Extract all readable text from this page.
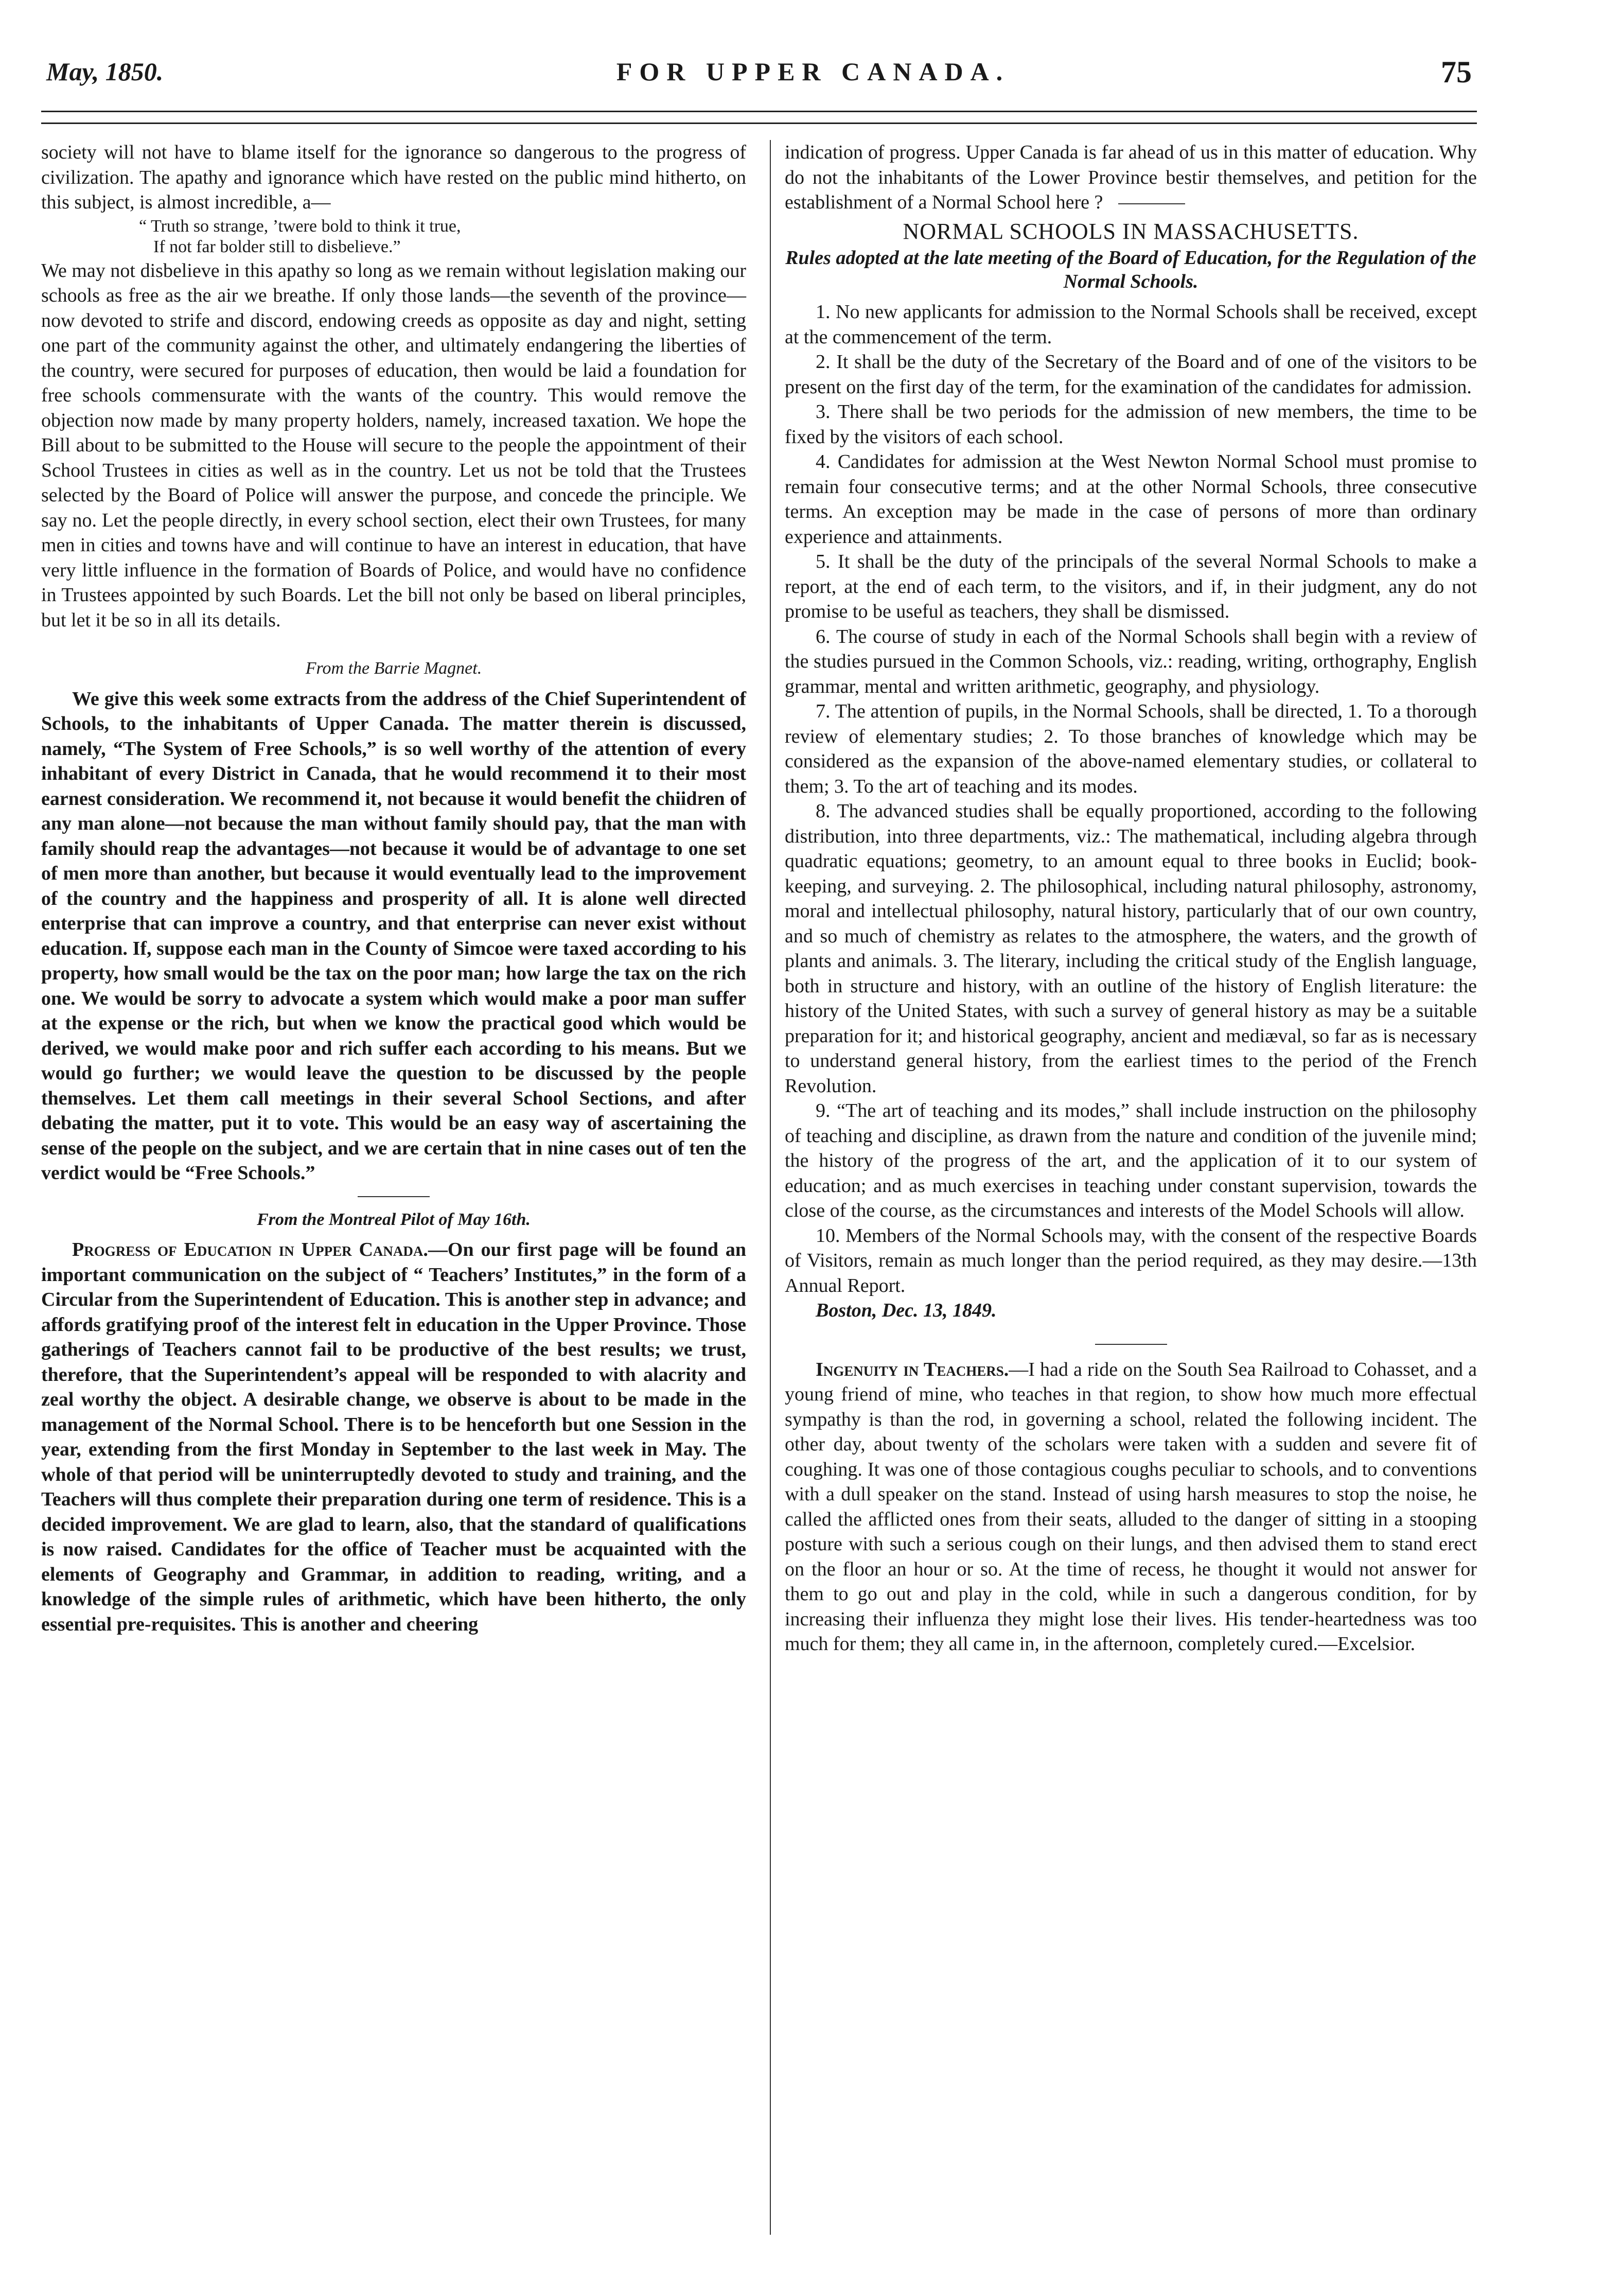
May, 1850.	FOR UPPER CANADA.	75

society will not have to blame itself for the ignorance so dangerous to the progress of civilization. The apathy and ignorance which have rested on the public mind hitherto, on this subject, is almost incredible, a—

“ Truth so strange, ’twere bold to think it true,
If not far bolder still to disbelieve.”

We may not disbelieve in this apathy so long as we remain without legislation making our schools as free as the air we breathe. If only those lands—the seventh of the province—now devoted to strife and discord, endowing creeds as opposite as day and night, setting one part of the community against the other, and ultimately endangering the liberties of the country, were secured for purposes of education, then would be laid a foundation for free schools commensurate with the wants of the country. This would remove the objection now made by many property holders, namely, increased taxation. We hope the Bill about to be submitted to the House will secure to the people the appointment of their School Trustees in cities as well as in the country. Let us not be told that the Trustees selected by the Board of Police will answer the purpose, and concede the principle. We say no. Let the people directly, in every school section, elect their own Trustees, for many men in cities and towns have and will continue to have an interest in education, that have very little influence in the formation of Boards of Police, and would have no confidence in Trustees appointed by such Boards. Let the bill not only be based on liberal principles, but let it be so in all its details.

From the Barrie Magnet.

We give this week some extracts from the address of the Chief Superintendent of Schools, to the inhabitants of Upper Canada. The matter therein is discussed, namely, “The System of Free Schools,” is so well worthy of the attention of every inhabitant of every District in Canada, that he would recommend it to their most earnest consideration. We recommend it, not because it would benefit the chiidren of any man alone—not because the man without family should pay, that the man with family should reap the advantages—not because it would be of advantage to one set of men more than another, but because it would eventually lead to the improvement of the country and the happiness and prosperity of all. It is alone well directed enterprise that can improve a country, and that enterprise can never exist without education. If, suppose each man in the County of Simcoe were taxed according to his property, how small would be the tax on the poor man; how large the tax on the rich one. We would be sorry to advocate a system which would make a poor man suffer at the expense or the rich, but when we know the practical good which would be derived, we would make poor and rich suffer each according to his means. But we would go further; we would leave the question to be discussed by the people themselves. Let them call meetings in their several School Sections, and after debating the matter, put it to vote. This would be an easy way of ascertaining the sense of the people on the subject, and we are certain that in nine cases out of ten the verdict would be “Free Schools.”

From the Montreal Pilot of May 16th.

Progress of Education in Upper Canada.—On our first page will be found an important communication on the subject of “ Teachers’ Institutes,” in the form of a Circular from the Superintendent of Education. This is another step in advance; and affords gratifying proof of the interest felt in education in the Upper Province. Those gatherings of Teachers cannot fail to be productive of the best results; we trust, therefore, that the Superintendent’s appeal will be responded to with alacrity and zeal worthy the object. A desirable change, we observe is about to be made in the management of the Normal School. There is to be henceforth but one Session in the year, extending from the first Monday in September to the last week in May. The whole of that period will be uninterruptedly devoted to study and training, and the Teachers will thus complete their preparation during one term of residence. This is a decided improvement. We are glad to learn, also, that the standard of qualifications is now raised. Candidates for the office of Teacher must be acquainted with the elements of Geography and Grammar, in addition to reading, writing, and a knowledge of the simple rules of arithmetic, which have been hitherto, the only essential pre-requisites. This is another and cheering

indication of progress. Upper Canada is far ahead of us in this matter of education. Why do not the inhabitants of the Lower Province bestir themselves, and petition for the establishment of a Normal School here ?

NORMAL SCHOOLS IN MASSACHUSETTS.
Rules adopted at the late meeting of the Board of Education, for the Regulation of the Normal Schools.

1. No new applicants for admission to the Normal Schools shall be received, except at the commencement of the term.

2. It shall be the duty of the Secretary of the Board and of one of the visitors to be present on the first day of the term, for the examination of the candidates for admission.

3. There shall be two periods for the admission of new members, the time to be fixed by the visitors of each school.

4. Candidates for admission at the West Newton Normal School must promise to remain four consecutive terms; and at the other Normal Schools, three consecutive terms. An exception may be made in the case of persons of more than ordinary experience and attainments.

5. It shall be the duty of the principals of the several Normal Schools to make a report, at the end of each term, to the visitors, and if, in their judgment, any do not promise to be useful as teachers, they shall be dismissed.

6. The course of study in each of the Normal Schools shall begin with a review of the studies pursued in the Common Schools, viz.: reading, writing, orthography, English grammar, mental and written arithmetic, geography, and physiology.

7. The attention of pupils, in the Normal Schools, shall be directed, 1. To a thorough review of elementary studies; 2. To those branches of knowledge which may be considered as the expansion of the above-named elementary studies, or collateral to them; 3. To the art of teaching and its modes.

8. The advanced studies shall be equally proportioned, according to the following distribution, into three departments, viz.: The mathematical, including algebra through quadratic equations; geometry, to an amount equal to three books in Euclid; book-keeping, and surveying. 2. The philosophical, including natural philosophy, astronomy, moral and intellectual philosophy, natural history, particularly that of our own country, and so much of chemistry as relates to the atmosphere, the waters, and the growth of plants and animals. 3. The literary, including the critical study of the English language, both in structure and history, with an outline of the history of English literature: the history of the United States, with such a survey of general history as may be a suitable preparation for it; and historical geography, ancient and mediæval, so far as is necessary to understand general history, from the earliest times to the period of the French Revolution.

9. “The art of teaching and its modes,” shall include instruction on the philosophy of teaching and discipline, as drawn from the nature and condition of the juvenile mind; the history of the progress of the art, and the application of it to our system of education; and as much exercises in teaching under constant supervision, towards the close of the course, as the circumstances and interests of the Model Schools will allow.

10. Members of the Normal Schools may, with the consent of the respective Boards of Visitors, remain as much longer than the period required, as they may desire.—13th Annual Report.

Boston, Dec. 13, 1849.

Ingenuity in Teachers.—I had a ride on the South Sea Railroad to Cohasset, and a young friend of mine, who teaches in that region, to show how much more effectual sympathy is than the rod, in governing a school, related the following incident. The other day, about twenty of the scholars were taken with a sudden and severe fit of coughing. It was one of those contagious coughs peculiar to schools, and to conventions with a dull speaker on the stand. Instead of using harsh measures to stop the noise, he called the afflicted ones from their seats, alluded to the danger of sitting in a stooping posture with such a serious cough on their lungs, and then advised them to stand erect on the floor an hour or so. At the time of recess, he thought it would not answer for them to go out and play in the cold, while in such a dangerous condition, for by increasing their influenza they might lose their lives. His tender-heartedness was too much for them; they all came in, in the afternoon, completely cured.—Excelsior.
